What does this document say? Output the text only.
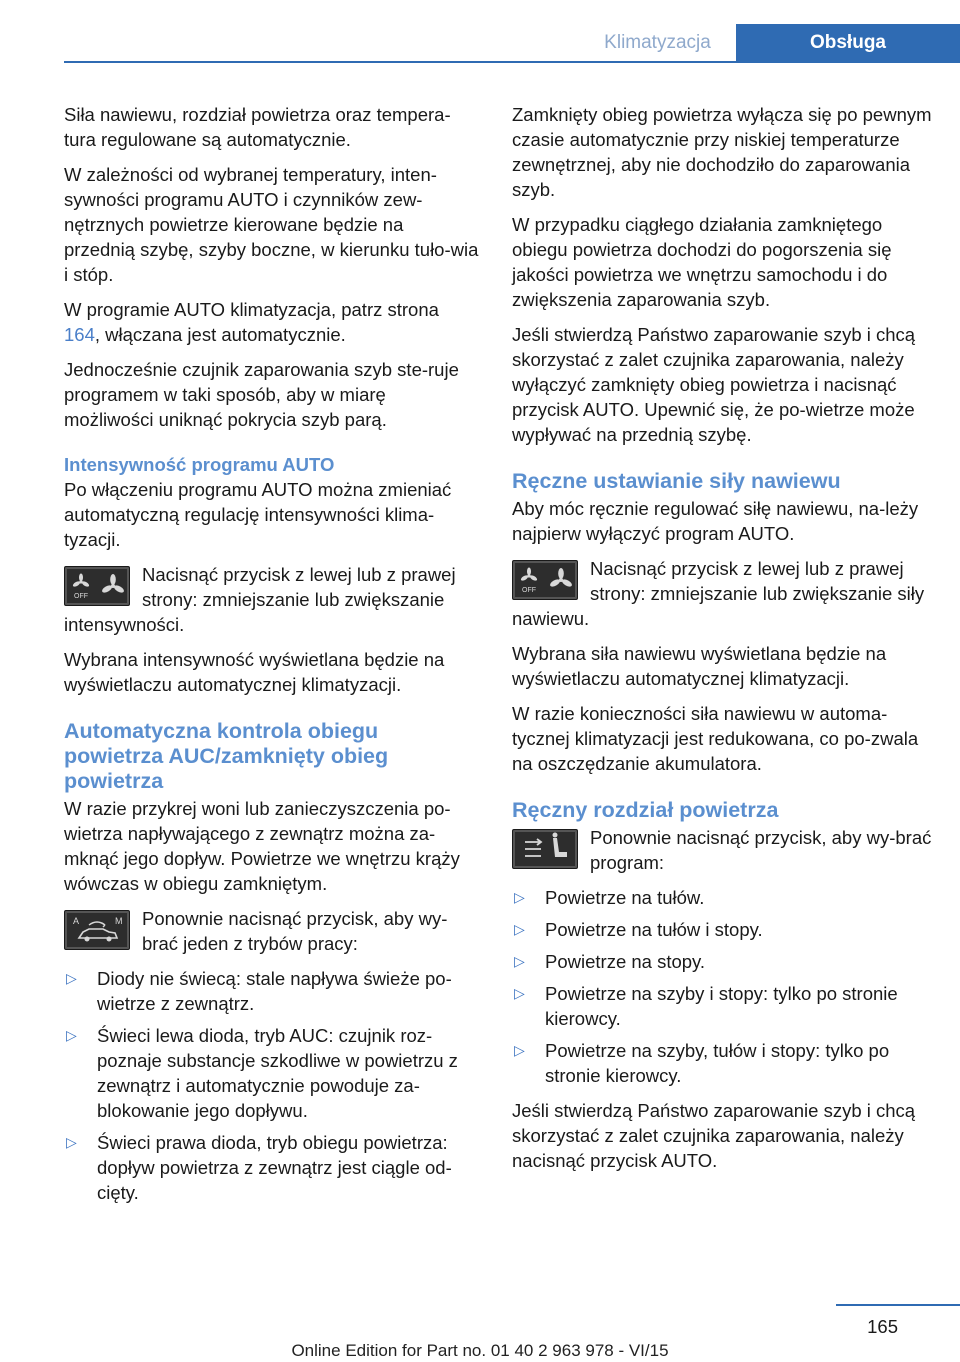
Klimatyzacja	Obsługa

Siła nawiewu, rozdział powietrza oraz tempera‐tura regulowane są automatycznie.

W zależności od wybranej temperatury, inten‐sywności programu AUTO i czynników zew‐nętrznych powietrze kierowane będzie na przednią szybę, szyby boczne, w kierunku tuło‐wia i stóp.

W programie AUTO klimatyzacja, patrz strona 164, włączana jest automatycznie.

Jednocześnie czujnik zaparowania szyb ste‐ruje programem w taki sposób, aby w miarę możliwości uniknąć pokrycia szyb parą.

Intensywność programu AUTO

Po włączeniu programu AUTO można zmieniać automatyczną regulację intensywności klima‐tyzacji.

OFF

Nacisnąć przycisk z lewej lub z prawej strony: zmniejszanie lub zwiększanie intensywności.

Wybrana intensywność wyświetlana będzie na wyświetlaczu automatycznej klimatyzacji.

Automatyczna kontrola obiegu powietrza AUC/zamknięty obieg powietrza

W razie przykrej woni lub zanieczyszczenia po‐wietrza napływającego z zewnątrz można za‐mknąć jego dopływ. Powietrze we wnętrzu krąży wówczas w obiegu zamkniętym.

A	M	Ponownie nacisnąć przycisk, aby wy‐brać jeden z trybów pracy:

▷ Diody nie świecą: stale napływa świeże po‐wietrze z zewnątrz.
▷ Świeci lewa dioda, tryb AUC: czujnik roz‐poznaje substancje szkodliwe w powietrzu z zewnątrz i automatycznie powoduje za‐blokowanie jego dopływu.
▷ Świeci prawa dioda, tryb obiegu powietrza: dopływ powietrza z zewnątrz jest ciągle od‐cięty.

Zamknięty obieg powietrza wyłącza się po pewnym czasie automatycznie przy niskiej temperaturze zewnętrznej, aby nie dochodziło do zaparowania szyb.

W przypadku ciągłego działania zamkniętego obiegu powietrza dochodzi do pogorszenia się jakości powietrza we wnętrzu samochodu i do zwiększenia zaparowania szyb.

Jeśli stwierdzą Państwo zaparowanie szyb i chcą skorzystać z zalet czujnika zaparowania, należy wyłączyć zamknięty obieg powietrza i nacisnąć przycisk AUTO. Upewnić się, że po‐wietrze może wypływać na przednią szybę.

Ręczne ustawianie siły nawiewu

Aby móc ręcznie regulować siłę nawiewu, na‐leży najpierw wyłączyć program AUTO.

OFF

Nacisnąć przycisk z lewej lub z prawej strony: zmniejszanie lub zwiększanie siły nawiewu.

Wybrana siła nawiewu wyświetlana będzie na wyświetlaczu automatycznej klimatyzacji.

W razie konieczności siła nawiewu w automa‐tycznej klimatyzacji jest redukowana, co po‐zwala na oszczędzanie akumulatora.

Ręczny rozdział powietrza

Ponownie nacisnąć przycisk, aby wy‐brać program:

▷ Powietrze na tułów.
▷ Powietrze na tułów i stopy.
▷ Powietrze na stopy.
▷ Powietrze na szyby i stopy: tylko po stronie kierowcy.
▷ Powietrze na szyby, tułów i stopy: tylko po stronie kierowcy.

Jeśli stwierdzą Państwo zaparowanie szyb i chcą skorzystać z zalet czujnika zaparowania, należy nacisnąć przycisk AUTO.

165
Online Edition for Part no. 01 40 2 963 978 - VI/15
